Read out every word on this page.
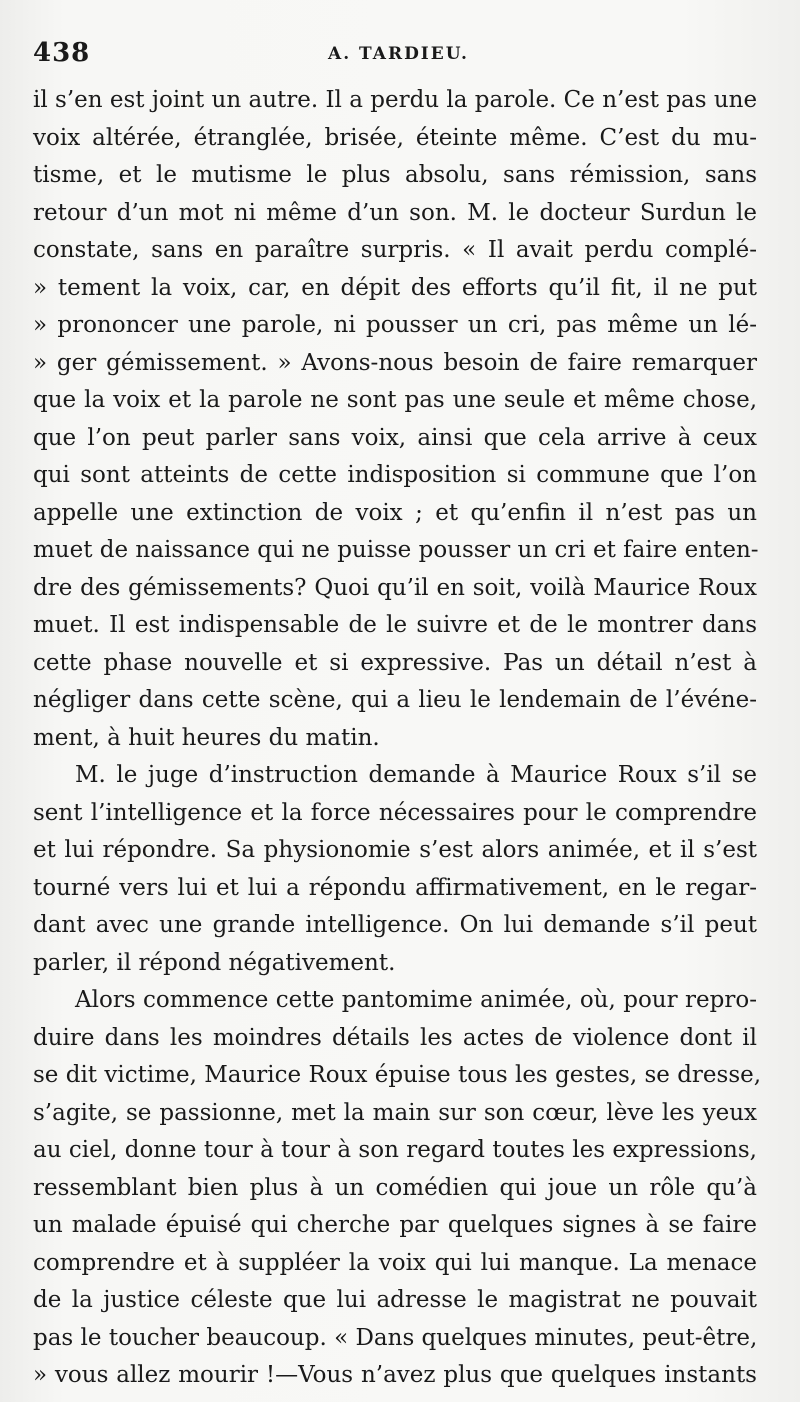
438	A. TARDIEU.
il s’en est joint un autre. Il a perdu la parole. Ce n’est pas une
voix altérée, étranglée, brisée, éteinte même. C’est du mu-
tisme, et le mutisme le plus absolu, sans rémission, sans
retour d’un mot ni même d’un son. M. le docteur Surdun le
constate, sans en paraître surpris. « Il avait perdu complé-
» tement la voix, car, en dépit des efforts qu’il fit, il ne put
» prononcer une parole, ni pousser un cri, pas même un lé-
» ger gémissement. » Avons-nous besoin de faire remarquer
que la voix et la parole ne sont pas une seule et même chose,
que l’on peut parler sans voix, ainsi que cela arrive à ceux
qui sont atteints de cette indisposition si commune que l’on
appelle une extinction de voix ; et qu’enfin il n’est pas un
muet de naissance qui ne puisse pousser un cri et faire enten-
dre des gémissements? Quoi qu’il en soit, voilà Maurice Roux
muet. Il est indispensable de le suivre et de le montrer dans
cette phase nouvelle et si expressive. Pas un détail n’est à
négliger dans cette scène, qui a lieu le lendemain de l’événe-
ment, à huit heures du matin.
M. le juge d’instruction demande à Maurice Roux s’il se
sent l’intelligence et la force nécessaires pour le comprendre
et lui répondre. Sa physionomie s’est alors animée, et il s’est
tourné vers lui et lui a répondu affirmativement, en le regar-
dant avec une grande intelligence. On lui demande s’il peut
parler, il répond négativement.
Alors commence cette pantomime animée, où, pour repro-
duire dans les moindres détails les actes de violence dont il
se dit victime, Maurice Roux épuise tous les gestes, se dresse,
s’agite, se passionne, met la main sur son cœur, lève les yeux
au ciel, donne tour à tour à son regard toutes les expressions,
ressemblant bien plus à un comédien qui joue un rôle qu’à
un malade épuisé qui cherche par quelques signes à se faire
comprendre et à suppléer la voix qui lui manque. La menace
de la justice céleste que lui adresse le magistrat ne pouvait
pas le toucher beaucoup. « Dans quelques minutes, peut-être,
» vous allez mourir !—Vous n’avez plus que quelques instants
